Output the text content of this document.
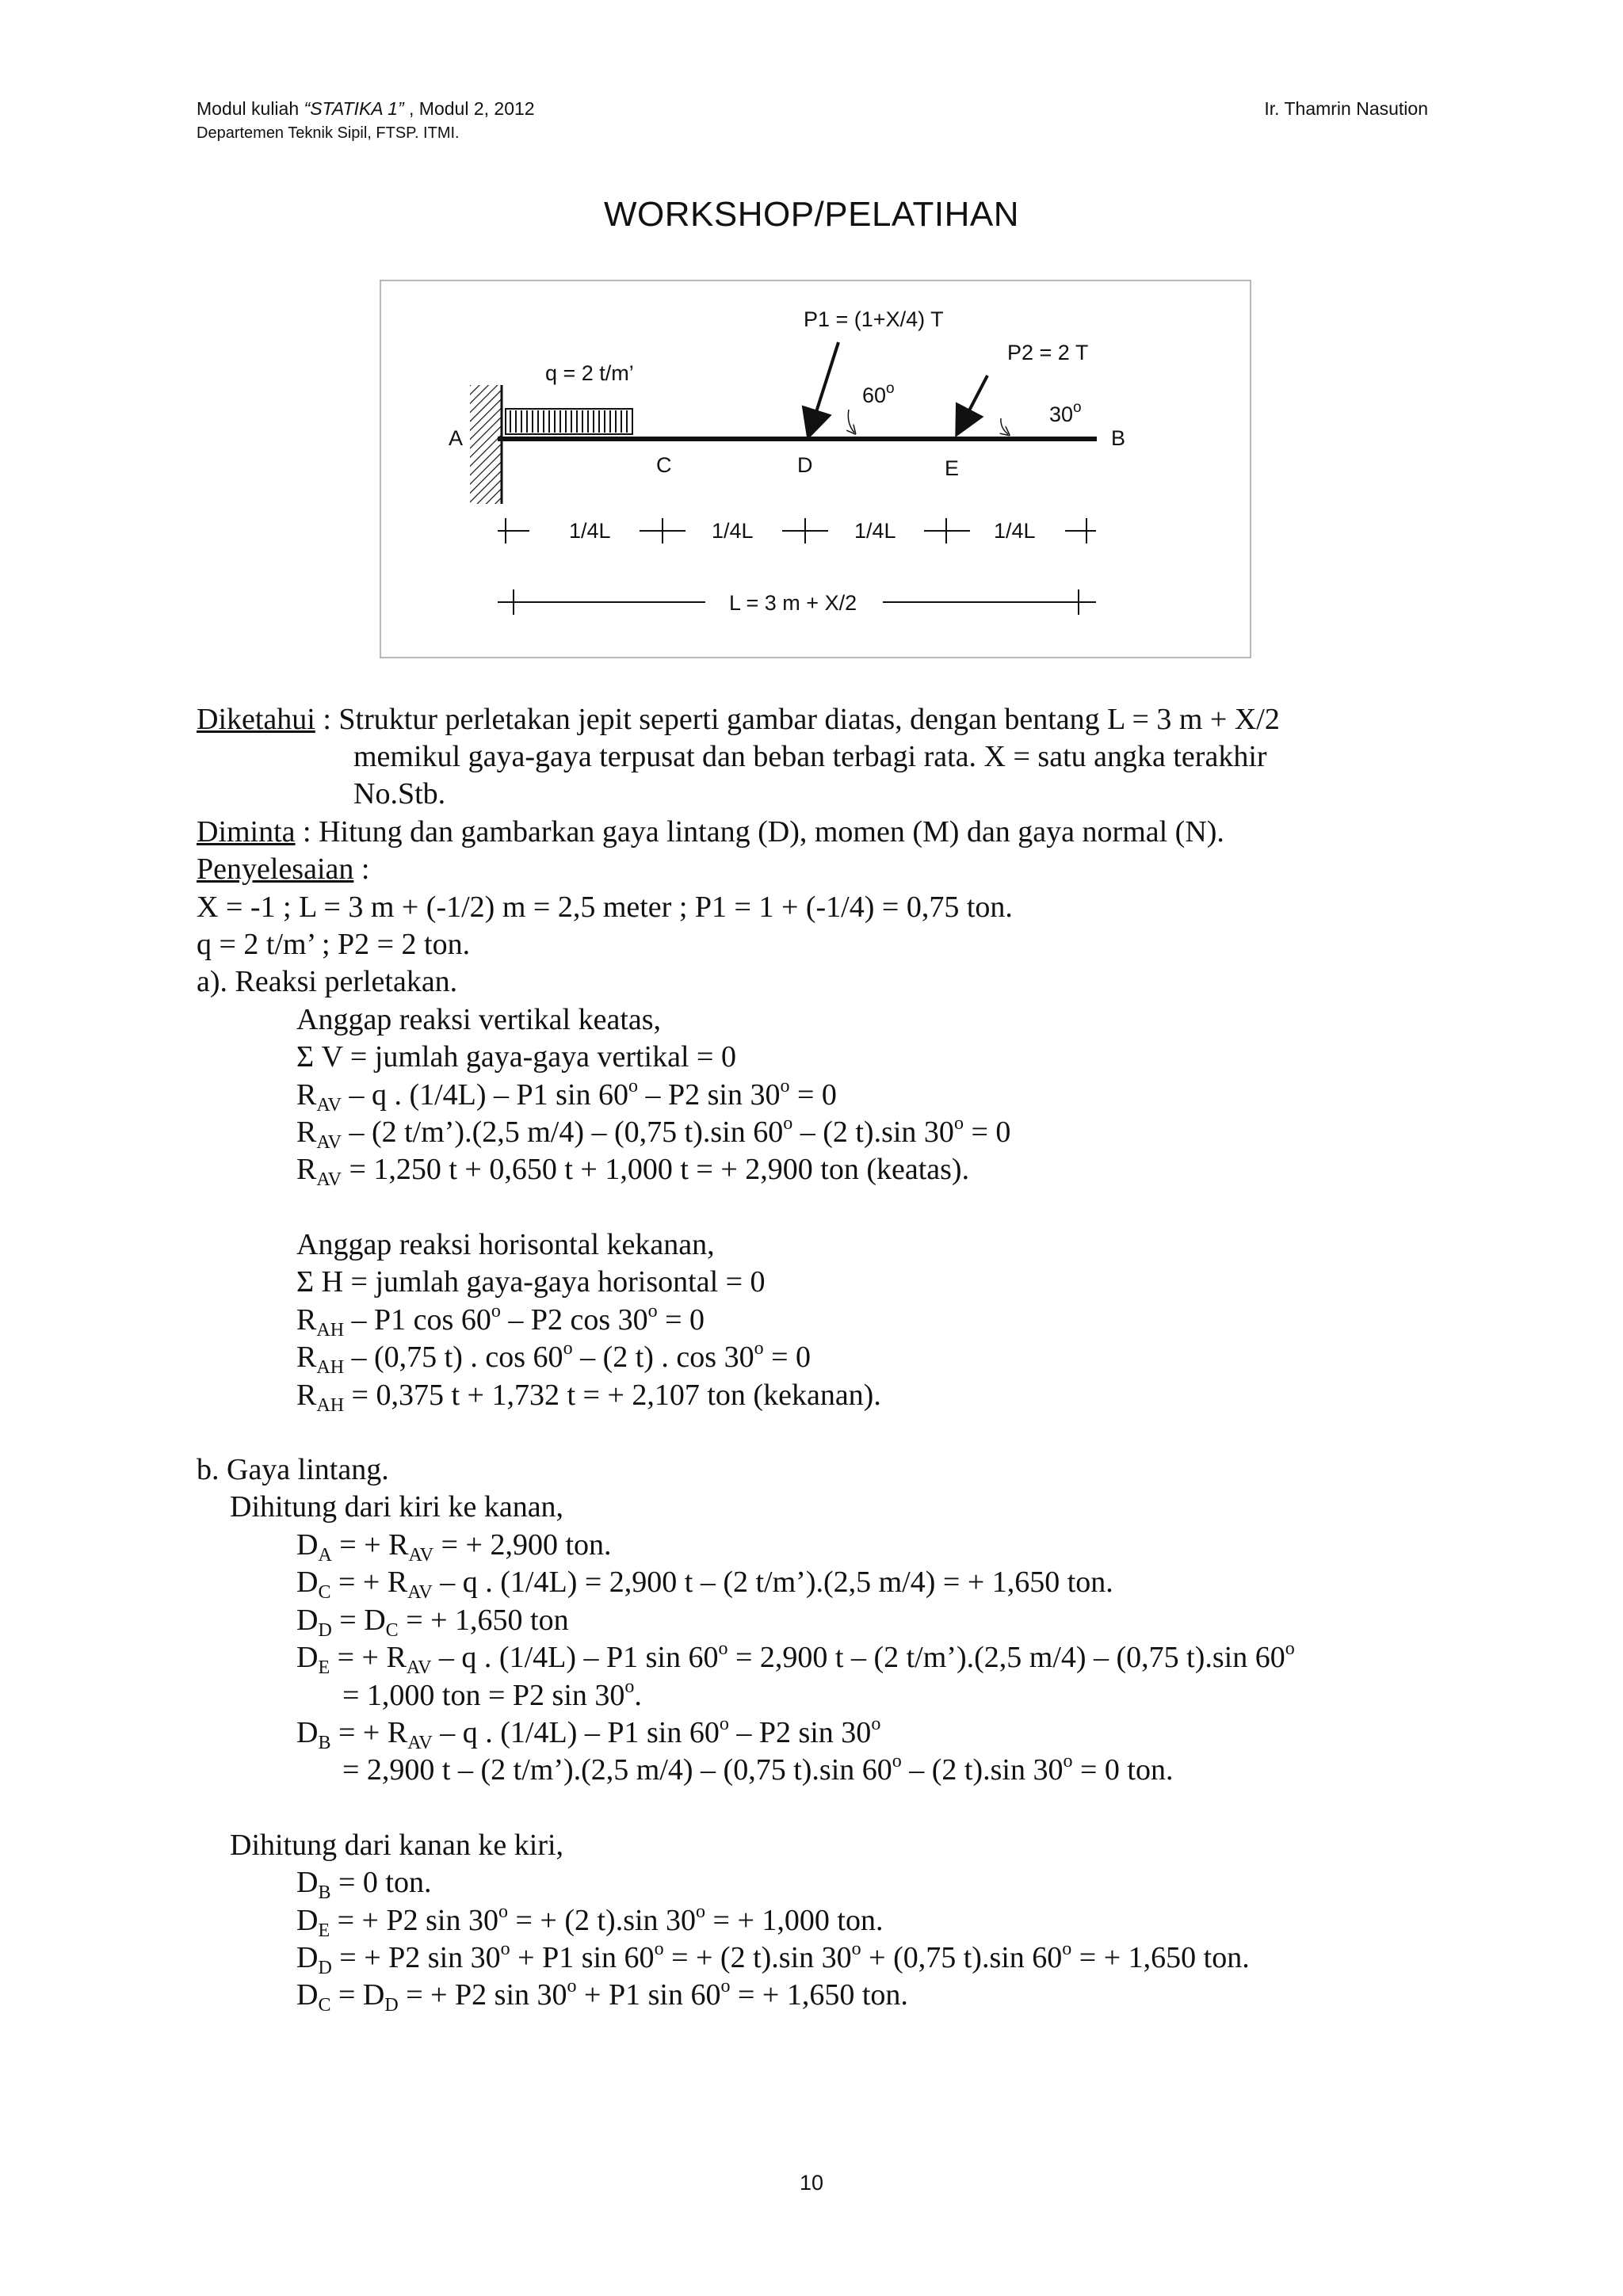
Modul kuliah “STATIKA 1” , Modul 2, 2012
Departemen Teknik Sipil, FTSP. ITMI.
Ir. Thamrin Nasution
WORKSHOP/PELATIHAN
A	B
C	D	E
q = 2 t/m’
P1 = (1+X/4) T
P2 = 2 T
60$^o$
30$^o$
1/4L	1/4L	1/4L	1/4L
L = 3 m + X/2
Diketahui : Struktur perletakan jepit seperti gambar diatas, dengan bentang L = 3 m + X/2
memikul gaya-gaya terpusat dan beban terbagi rata. X = satu angka terakhir
No.Stb.
Diminta : Hitung dan gambarkan gaya lintang (D), momen (M) dan gaya normal (N).
Penyelesaian :
X = -1 ; L = 3 m + (-1/2) m = 2,5 meter ; P1 = 1 + (-1/4) = 0,75 ton.
q = 2 t/m’ ; P2 = 2 ton.
a). Reaksi perletakan.
Anggap reaksi vertikal keatas,
Σ V = jumlah gaya-gaya vertikal = 0
$R_{AV}$ – q . (1/4L) – P1 sin 60$^o$ – P2 $\sin 30^o = 0$
$R_{AV} - (2$ t/m’).(2,5 m/4) – (0,75 t).sin 60$^o$ – (2 t).sin $30^o = 0$
$R_{AV} = 1,250$ t + 0,650 t + 1,000 t = + 2,900 ton (keatas).
Anggap reaksi horisontal kekanan,
Σ H = jumlah gaya-gaya horisontal = 0
$R_{AH} - P1$ cos 60$^o$ – P2 $\cos 30^o = 0$
$R_{AH} - (0,75$ t) . cos 60$^o$ – (2 t) . $\cos 30^o = 0$
$R_{AH} = 0,375$ t + 1,732 t = + 2,107 ton (kekanan).
b. Gaya lintang.
Dihitung dari kiri ke kanan,
$D_A$ = + $R_{AV}$ = + 2,900 ton.
$D_C$ = + $R_{AV}$ – q . (1/4L) = 2,900 t – (2 t/m’).(2,5 m/4) = + 1,650 ton.
$D_D = D_C$ = + 1,650 ton
$D_E$ = + $R_{AV}$ – q . (1/4L) – P1 $\sin 60^o = 2,900$ t – (2 t/m’).(2,5 m/4) – (0,75 t).sin $60^o$
= 1,000 ton = P2 sin 30$^o$.
$D_B$ = + $R_{AV}$ – q . (1/4L) – P1 sin 60$^o$ – P2 $\sin 30^o$
= 2,900 t – (2 t/m’).(2,5 m/4) – (0,75 t).sin 60$^o$ – (2 t).sin $30^o = 0$ ton.
Dihitung dari kanan ke kiri,
$D_B = 0$ ton.
$D_E$ = + P2 $\sin 30^o$ = + (2 t).sin $30^o$ = + 1,000 ton.
$D_D$ = + P2 $\sin 30^o + P1$ $\sin 60^o$ = + (2 t).sin $30^o + (0,75$ t).sin $60^o$ = + 1,650 ton.
$D_C = D_D$ = + P2 $\sin 30^o + P1$ $\sin 60^o$ = + 1,650 ton.
10
